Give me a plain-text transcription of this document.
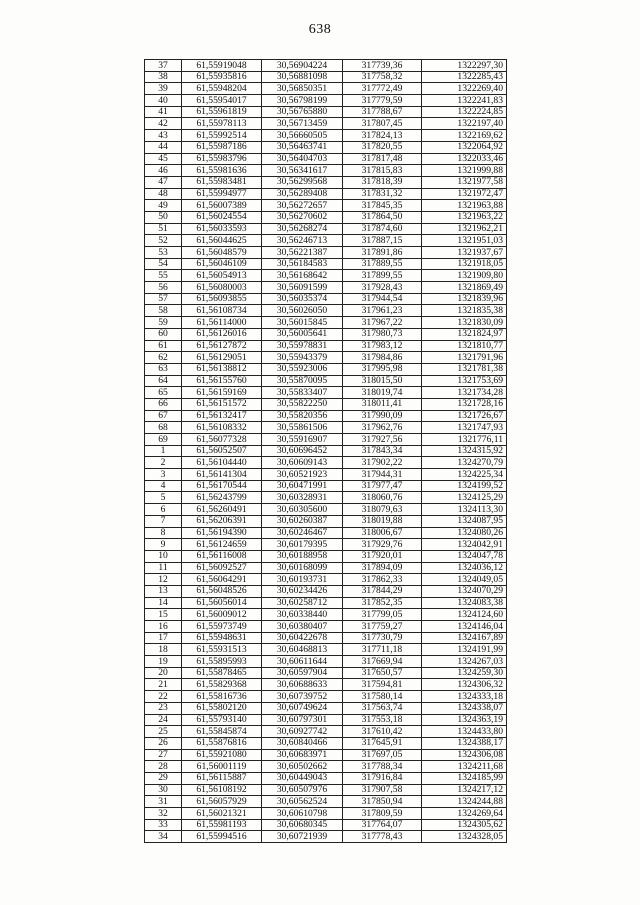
638
37	61,55919048	30,56904224	317739,36	1322297,30
38	61,55935816	30,56881098	317758,32	1322285,43
39	61,55948204	30,56850351	317772,49	1322269,40
40	61,55954017	30,56798199	317779,59	1322241,83
41	61,55961819	30,56765880	317788,67	1322224,85
42	61,55978113	30,56713459	317807,45	1322197,40
43	61,55992514	30,56660505	317824,13	1322169,62
44	61,55987186	30,56463741	317820,55	1322064,92
45	61,55983796	30,56404703	317817,48	1322033,46
46	61,55981636	30,56341617	317815,83	1321999,88
47	61,55983481	30,56299568	317818,39	1321977,58
48	61,55994977	30,56289408	317831,32	1321972,47
49	61,56007389	30,56272657	317845,35	1321963,88
50	61,56024554	30,56270602	317864,50	1321963,22
51	61,56033593	30,56268274	317874,60	1321962,21
52	61,56044625	30,56246713	317887,15	1321951,03
53	61,56048579	30,56221387	317891,86	1321937,67
54	61,56046109	30,56184583	317889,55	1321918,05
55	61,56054913	30,56168642	317899,55	1321909,80
56	61,56080003	30,56091599	317928,43	1321869,49
57	61,56093855	30,56035374	317944,54	1321839,96
58	61,56108734	30,56026050	317961,23	1321835,38
59	61,56114000	30,56015845	317967,22	1321830,09
60	61,56126016	30,56005641	317980,73	1321824,97
61	61,56127872	30,55978831	317983,12	1321810,77
62	61,56129051	30,55943379	317984,86	1321791,96
63	61,56138812	30,55923006	317995,98	1321781,38
64	61,56155760	30,55870095	318015,50	1321753,69
65	61,56159169	30,55833407	318019,74	1321734,28
66	61,56151572	30,55822250	318011,41	1321728,16
67	61,56132417	30,55820356	317990,09	1321726,67
68	61,56108332	30,55861506	317962,76	1321747,93
69	61,56077328	30,55916907	317927,56	1321776,11
1	61,56052507	30,60696452	317843,34	1324315,92
2	61,56104440	30,60609143	317902,22	1324270,79
3	61,56141304	30,60521923	317944,31	1324225,34
4	61,56170544	30,60471991	317977,47	1324199,52
5	61,56243799	30,60328931	318060,76	1324125,29
6	61,56260491	30,60305600	318079,63	1324113,30
7	61,56206391	30,60260387	318019,88	1324087,95
8	61,56194390	30,60246467	318006,67	1324080,26
9	61,56124659	30,60179395	317929,76	1324042,91
10	61,56116008	30,60188958	317920,01	1324047,78
11	61,56092527	30,60168099	317894,09	1324036,12
12	61,56064291	30,60193731	317862,33	1324049,05
13	61,56048526	30,60234426	317844,29	1324070,29
14	61,56056014	30,60258712	317852,35	1324083,38
15	61,56009012	30,60338440	317799,05	1324124,60
16	61,55973749	30,60380407	317759,27	1324146,04
17	61,55948631	30,60422678	317730,79	1324167,89
18	61,55931513	30,60468813	317711,18	1324191,99
19	61,55895993	30,60611644	317669,94	1324267,03
20	61,55878465	30,60597904	317650,57	1324259,30
21	61,55829368	30,60688633	317594,81	1324306,32
22	61,55816736	30,60739752	317580,14	1324333,18
23	61,55802120	30,60749624	317563,74	1324338,07
24	61,55793140	30,60797301	317553,18	1324363,19
25	61,55845874	30,60927742	317610,42	1324433,80
26	61,55876816	30,60840466	317645,91	1324388,17
27	61,55921080	30,60683971	317697,05	1324306,08
28	61,56001119	30,60502662	317788,34	1324211,68
29	61,56115887	30,60449043	317916,84	1324185,99
30	61,56108192	30,60507976	317907,58	1324217,12
31	61,56057929	30,60562524	317850,94	1324244,88
32	61,56021321	30,60610798	317809,59	1324269,64
33	61,55981193	30,60680345	317764,07	1324305,62
34	61,55994516	30,60721939	317778,43	1324328,05
